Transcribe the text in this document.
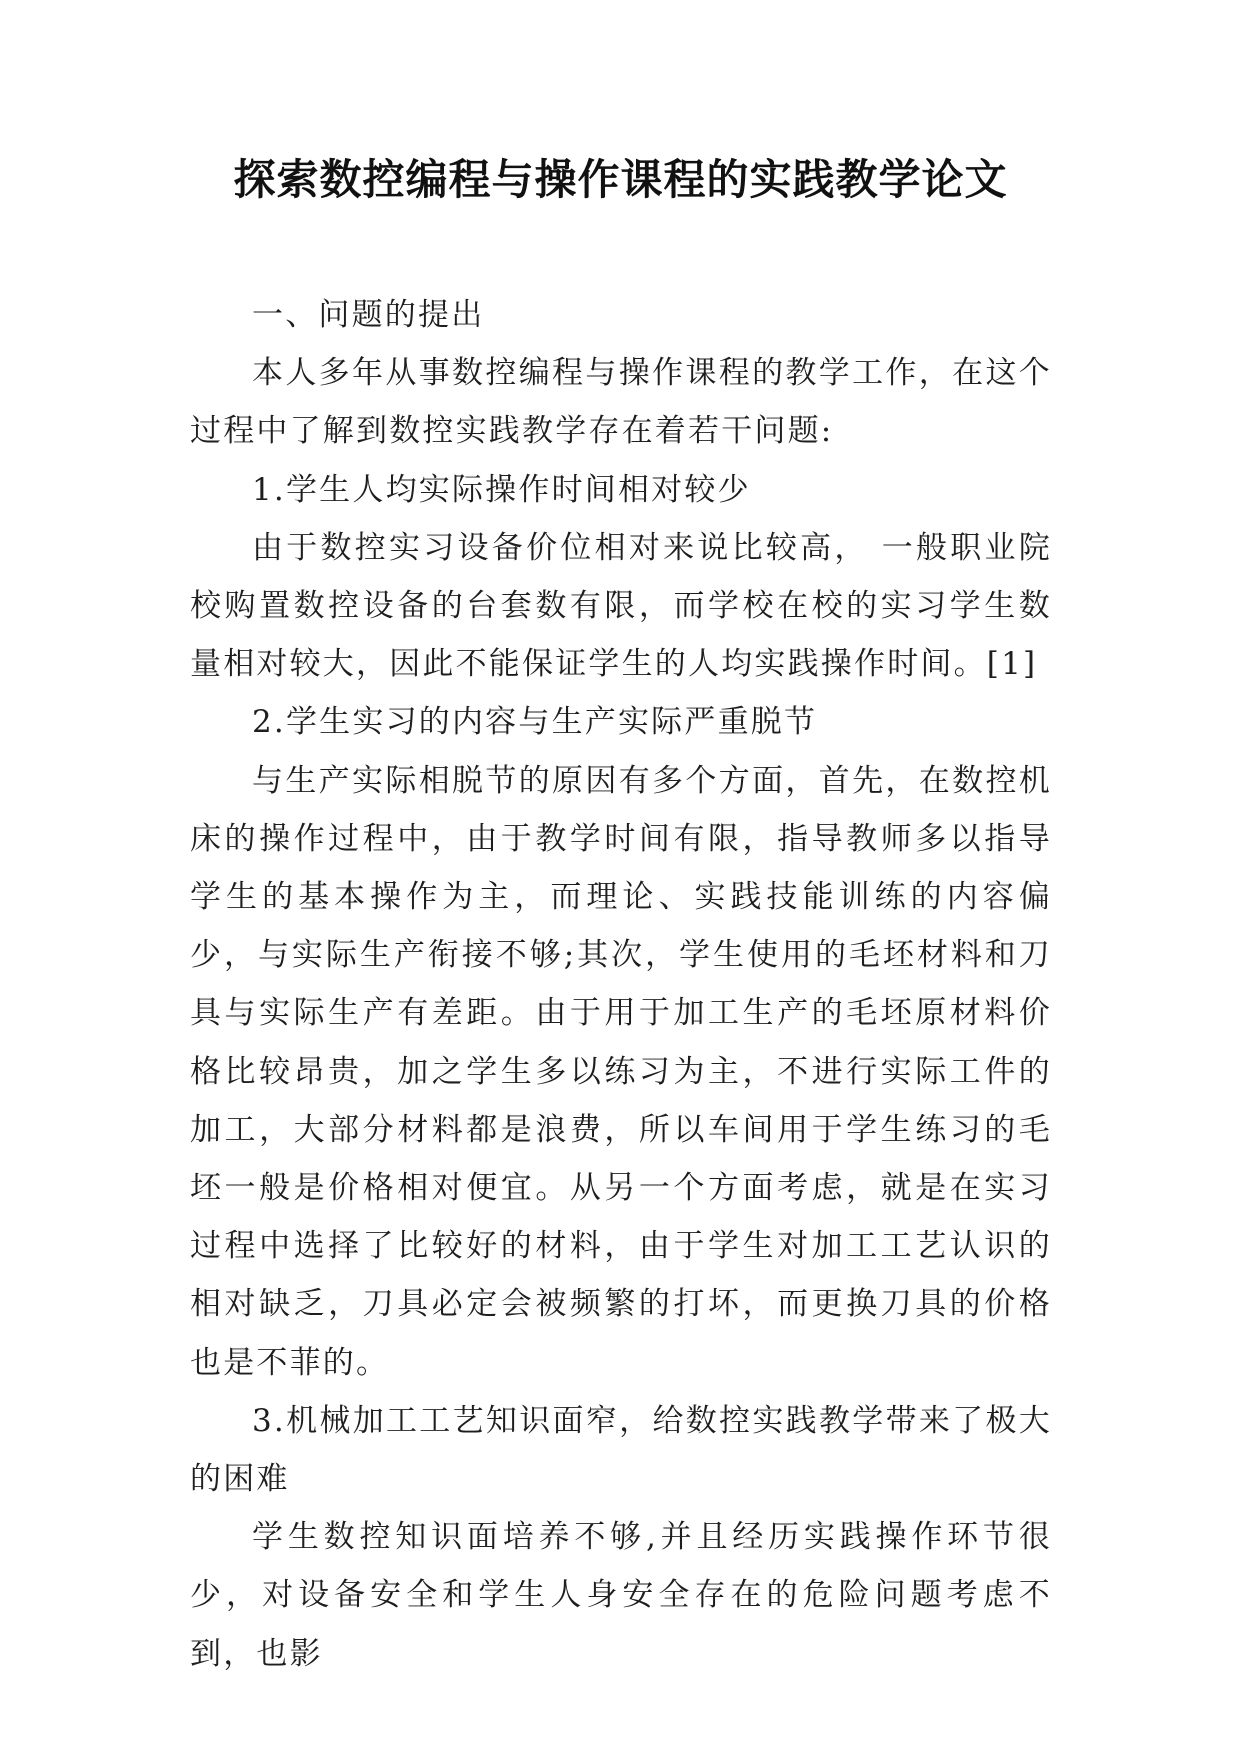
探索数控编程与操作课程的实践教学论文

一、问题的提出

本人多年从事数控编程与操作课程的教学工作，在这个过程中了解到数控实践教学存在着若干问题:

1.学生人均实际操作时间相对较少

由于数控实习设备价位相对来说比较高， 一般职业院校购置数控设备的台套数有限，而学校在校的实习学生数量相对较大，因此不能保证学生的人均实践操作时间。[1]

2.学生实习的内容与生产实际严重脱节

与生产实际相脱节的原因有多个方面，首先，在数控机床的操作过程中，由于教学时间有限，指导教师多以指导学生的基本操作为主，而理论、实践技能训练的内容偏少，与实际生产衔接不够;其次，学生使用的毛坯材料和刀具与实际生产有差距。由于用于加工生产的毛坯原材料价格比较昂贵，加之学生多以练习为主，不进行实际工件的加工，大部分材料都是浪费，所以车间用于学生练习的毛坯一般是价格相对便宜。从另一个方面考虑，就是在实习过程中选择了比较好的材料，由于学生对加工工艺认识的相对缺乏，刀具必定会被频繁的打坏，而更换刀具的价格也是不菲的。

3.机械加工工艺知识面窄，给数控实践教学带来了极大的困难

学生数控知识面培养不够,并且经历实践操作环节很少，对设备安全和学生人身安全存在的危险问题考虑不到，也影
